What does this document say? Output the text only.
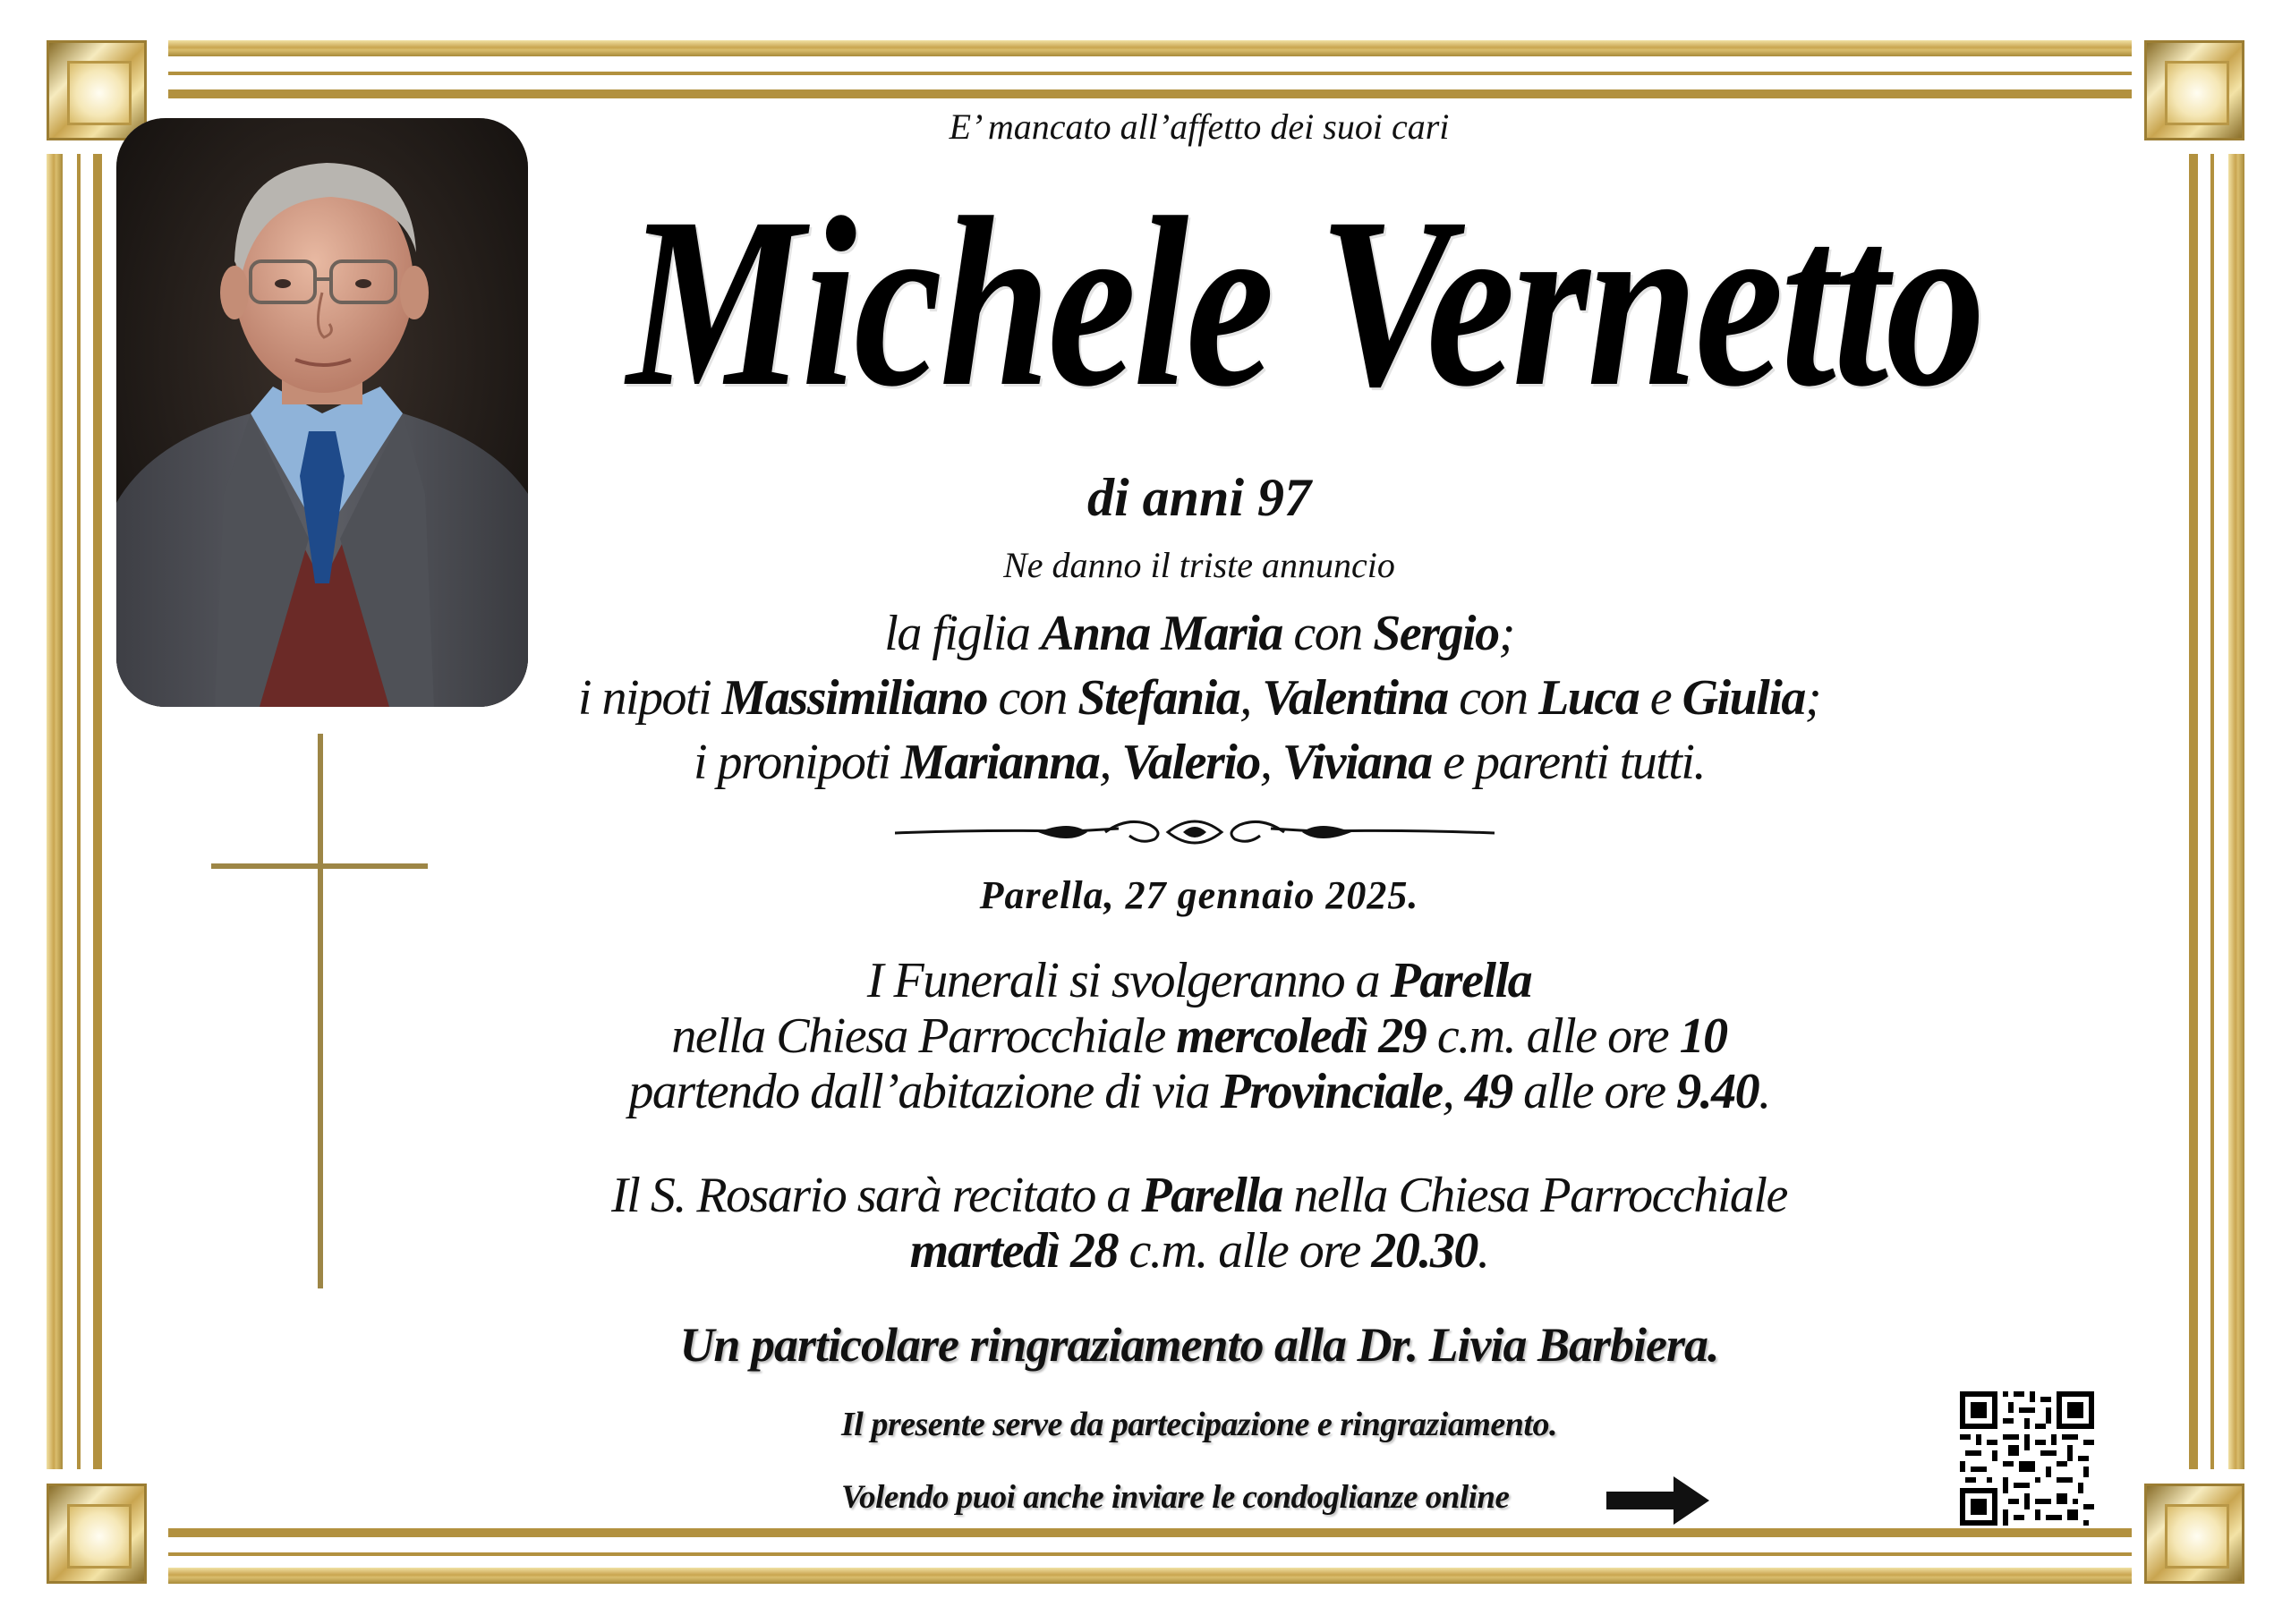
E’ mancato all’affetto dei suoi cari
Michele Vernetto
di anni 97
Ne danno il triste annuncio
la figlia Anna Maria con Sergio;
i nipoti Massimiliano con Stefania, Valentina con Luca e Giulia;
i pronipoti Marianna, Valerio, Viviana e parenti tutti.
Parella, 27 gennaio 2025.
I Funerali si svolgeranno a Parella
nella Chiesa Parrocchiale mercoledì 29 c.m. alle ore 10
partendo dall’abitazione di via Provinciale, 49 alle ore 9.40.
Il S. Rosario sarà recitato a Parella nella Chiesa Parrocchiale
martedì 28 c.m. alle ore 20.30.
Un particolare ringraziamento alla Dr. Livia Barbiera.
Il presente serve da partecipazione e ringraziamento.
Volendo puoi anche inviare le condoglianze online
